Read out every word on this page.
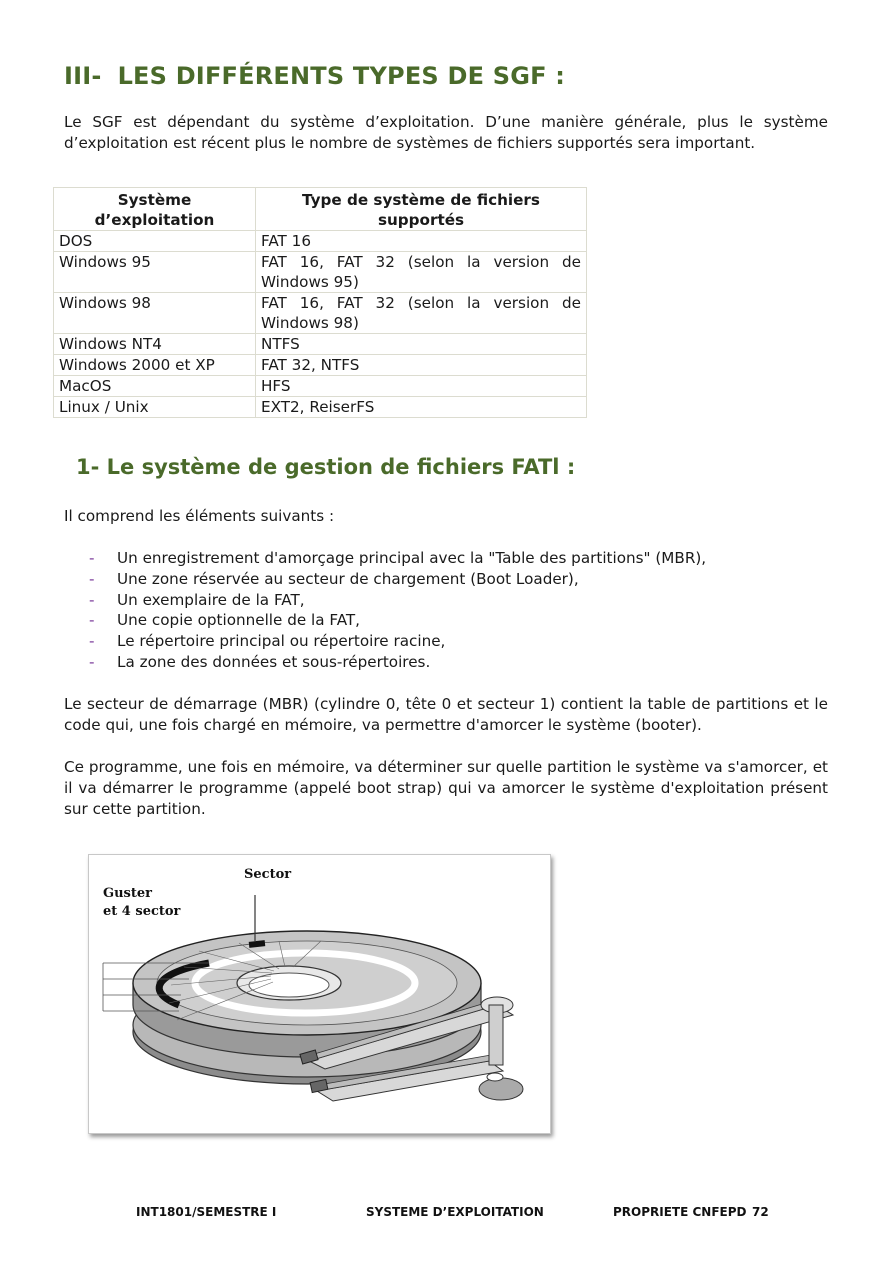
III- LES DIFFÉRENTS TYPES DE SGF :

Le SGF est dépendant du système d’exploitation. D’une manière générale, plus le système d’exploitation est récent plus le nombre de systèmes de fichiers supportés sera important.

Système d’exploitation	Type de système de fichiers supportés
DOS	FAT 16
Windows 95	FAT 16, FAT 32 (selon la version de Windows 95)
Windows 98	FAT 16, FAT 32 (selon la version de Windows 98)
Windows NT4	NTFS
Windows 2000 et XP	FAT 32, NTFS
MacOS	HFS
Linux / Unix	EXT2, ReiserFS
1- Le système de gestion de fichiers FATl :

Il comprend les éléments suivants :

- Un enregistrement d'amorçage principal avec la "Table des partitions" (MBR),
- Une zone réservée au secteur de chargement (Boot Loader),
- Un exemplaire de la FAT,
- Une copie optionnelle de la FAT,
- Le répertoire principal ou répertoire racine,
- La zone des données et sous-répertoires.

Le secteur de démarrage (MBR) (cylindre 0, tête 0 et secteur 1) contient la table de partitions et le code qui, une fois chargé en mémoire, va permettre d'amorcer le système (booter).

Ce programme, une fois en mémoire, va déterminer sur quelle partition le système va s'amorcer, et il va démarrer le programme (appelé boot strap) qui va amorcer le système d'exploitation présent sur cette partition.

Sector
Guster
et 4 sector
INT1801/SEMESTRE I	SYSTEME D’EXPLOITATION	PROPRIETE CNFEPD 72
